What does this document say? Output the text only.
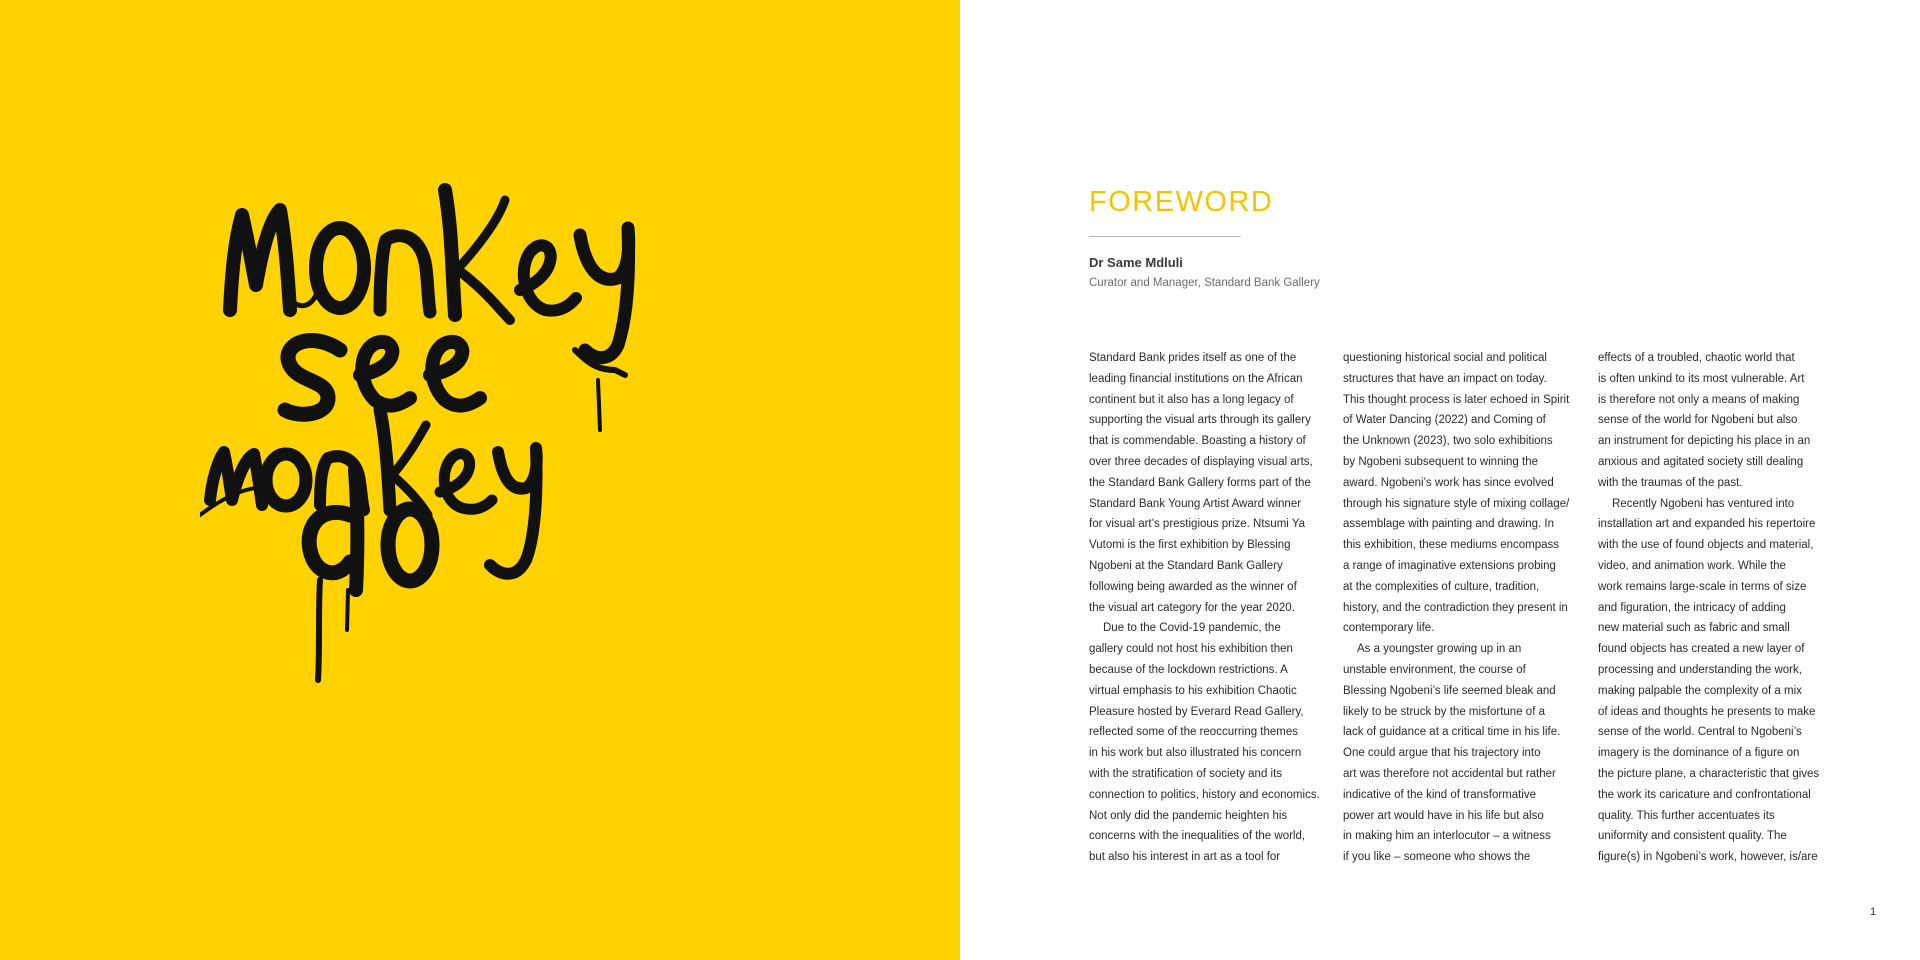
FOREWORD
Dr Same Mdluli
Curator and Manager, Standard Bank Gallery
Standard Bank prides itself as one of the
leading financial institutions on the African
continent but it also has a long legacy of
supporting the visual arts through its gallery
that is commendable. Boasting a history of
over three decades of displaying visual arts,
the Standard Bank Gallery forms part of the
Standard Bank Young Artist Award winner
for visual art’s prestigious prize. Ntsumi Ya
Vutomi is the first exhibition by Blessing
Ngobeni at the Standard Bank Gallery
following being awarded as the winner of
the visual art category for the year 2020.
Due to the Covid-19 pandemic, the
gallery could not host his exhibition then
because of the lockdown restrictions. A
virtual emphasis to his exhibition Chaotic
Pleasure hosted by Everard Read Gallery,
reflected some of the reoccurring themes
in his work but also illustrated his concern
with the stratification of society and its
connection to politics, history and economics.
Not only did the pandemic heighten his
concerns with the inequalities of the world,
but also his interest in art as a tool for
questioning historical social and political
structures that have an impact on today.
This thought process is later echoed in Spirit
of Water Dancing (2022) and Coming of
the Unknown (2023), two solo exhibitions
by Ngobeni subsequent to winning the
award. Ngobeni’s work has since evolved
through his signature style of mixing collage/
assemblage with painting and drawing. In
this exhibition, these mediums encompass
a range of imaginative extensions probing
at the complexities of culture, tradition,
history, and the contradiction they present in
contemporary life.
As a youngster growing up in an
unstable environment, the course of
Blessing Ngobeni’s life seemed bleak and
likely to be struck by the misfortune of a
lack of guidance at a critical time in his life.
One could argue that his trajectory into
art was therefore not accidental but rather
indicative of the kind of transformative
power art would have in his life but also
in making him an interlocutor – a witness
if you like – someone who shows the
effects of a troubled, chaotic world that
is often unkind to its most vulnerable. Art
is therefore not only a means of making
sense of the world for Ngobeni but also
an instrument for depicting his place in an
anxious and agitated society still dealing
with the traumas of the past.
Recently Ngobeni has ventured into
installation art and expanded his repertoire
with the use of found objects and material,
video, and animation work. While the
work remains large-scale in terms of size
and figuration, the intricacy of adding
new material such as fabric and small
found objects has created a new layer of
processing and understanding the work,
making palpable the complexity of a mix
of ideas and thoughts he presents to make
sense of the world. Central to Ngobeni’s
imagery is the dominance of a figure on
the picture plane, a characteristic that gives
the work its caricature and confrontational
quality. This further accentuates its
uniformity and consistent quality. The
figure(s) in Ngobeni’s work, however, is/are
1
